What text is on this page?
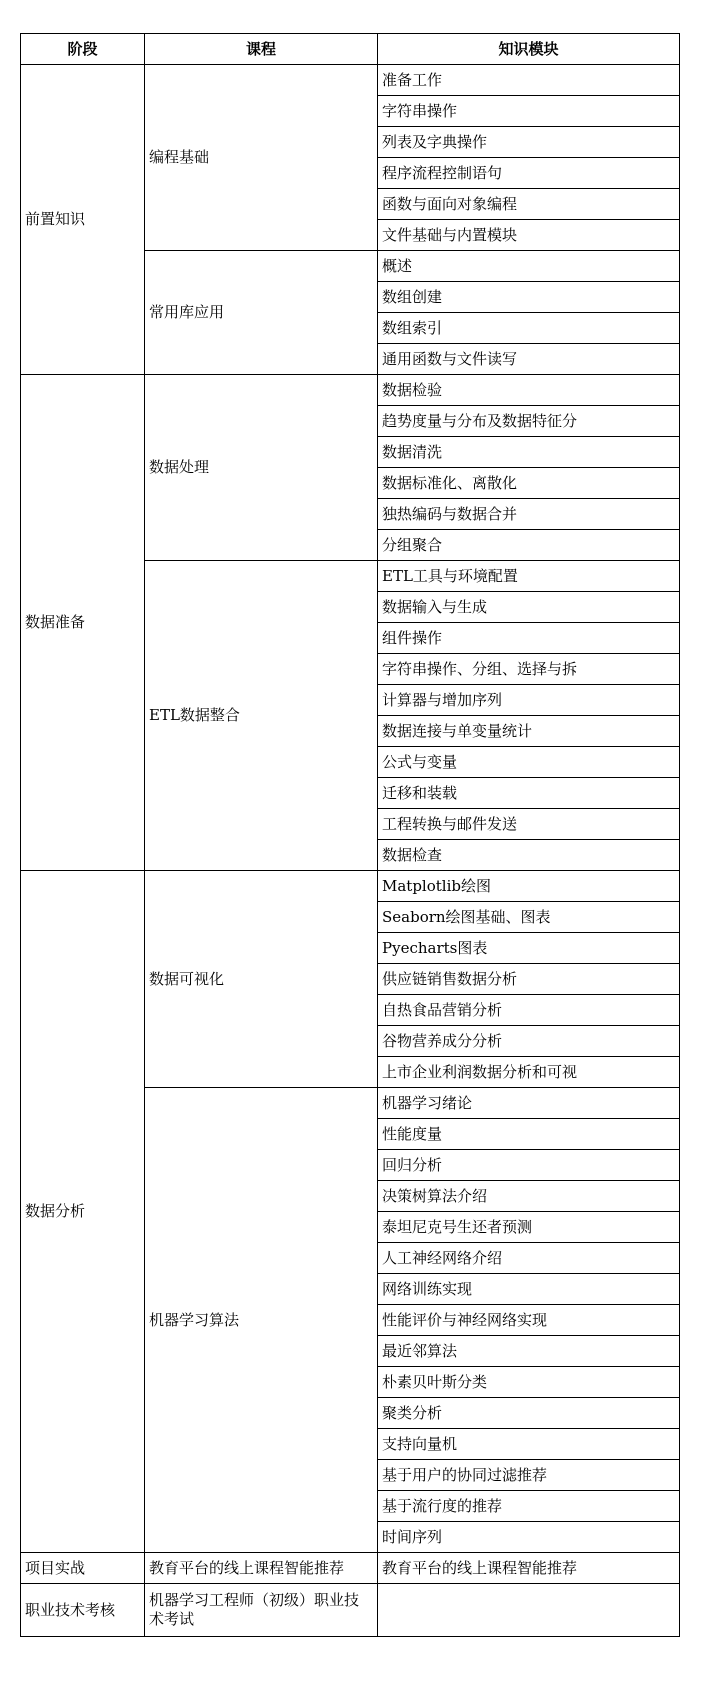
阶段	课程	知识模块
前置知识	编程基础	准备工作
		字符串操作
		列表及字典操作
		程序流程控制语句
		函数与面向对象编程
		文件基础与内置模块
	常用库应用	概述
		数组创建
		数组索引
		通用函数与文件读写
数据准备	数据处理	数据检验
		趋势度量与分布及数据特征分
		数据清洗
		数据标准化、离散化
		独热编码与数据合并
		分组聚合
	ETL数据整合	ETL工具与环境配置
		数据输入与生成
		组件操作
		字符串操作、分组、选择与拆
		计算器与增加序列
		数据连接与单变量统计
		公式与变量
		迁移和装载
		工程转换与邮件发送
		数据检查
数据分析	数据可视化	Matplotlib绘图
		Seaborn绘图基础、图表
		Pyecharts图表
		供应链销售数据分析
		自热食品营销分析
		谷物营养成分分析
		上市企业利润数据分析和可视
	机器学习算法	机器学习绪论
		性能度量
		回归分析
		决策树算法介绍
		泰坦尼克号生还者预测
		人工神经网络介绍
		网络训练实现
		性能评价与神经网络实现
		最近邻算法
		朴素贝叶斯分类
		聚类分析
		支持向量机
		基于用户的协同过滤推荐
		基于流行度的推荐
		时间序列
项目实战	教育平台的线上课程智能推荐	教育平台的线上课程智能推荐
职业技术考核	机器学习工程师（初级）职业技术考试	
